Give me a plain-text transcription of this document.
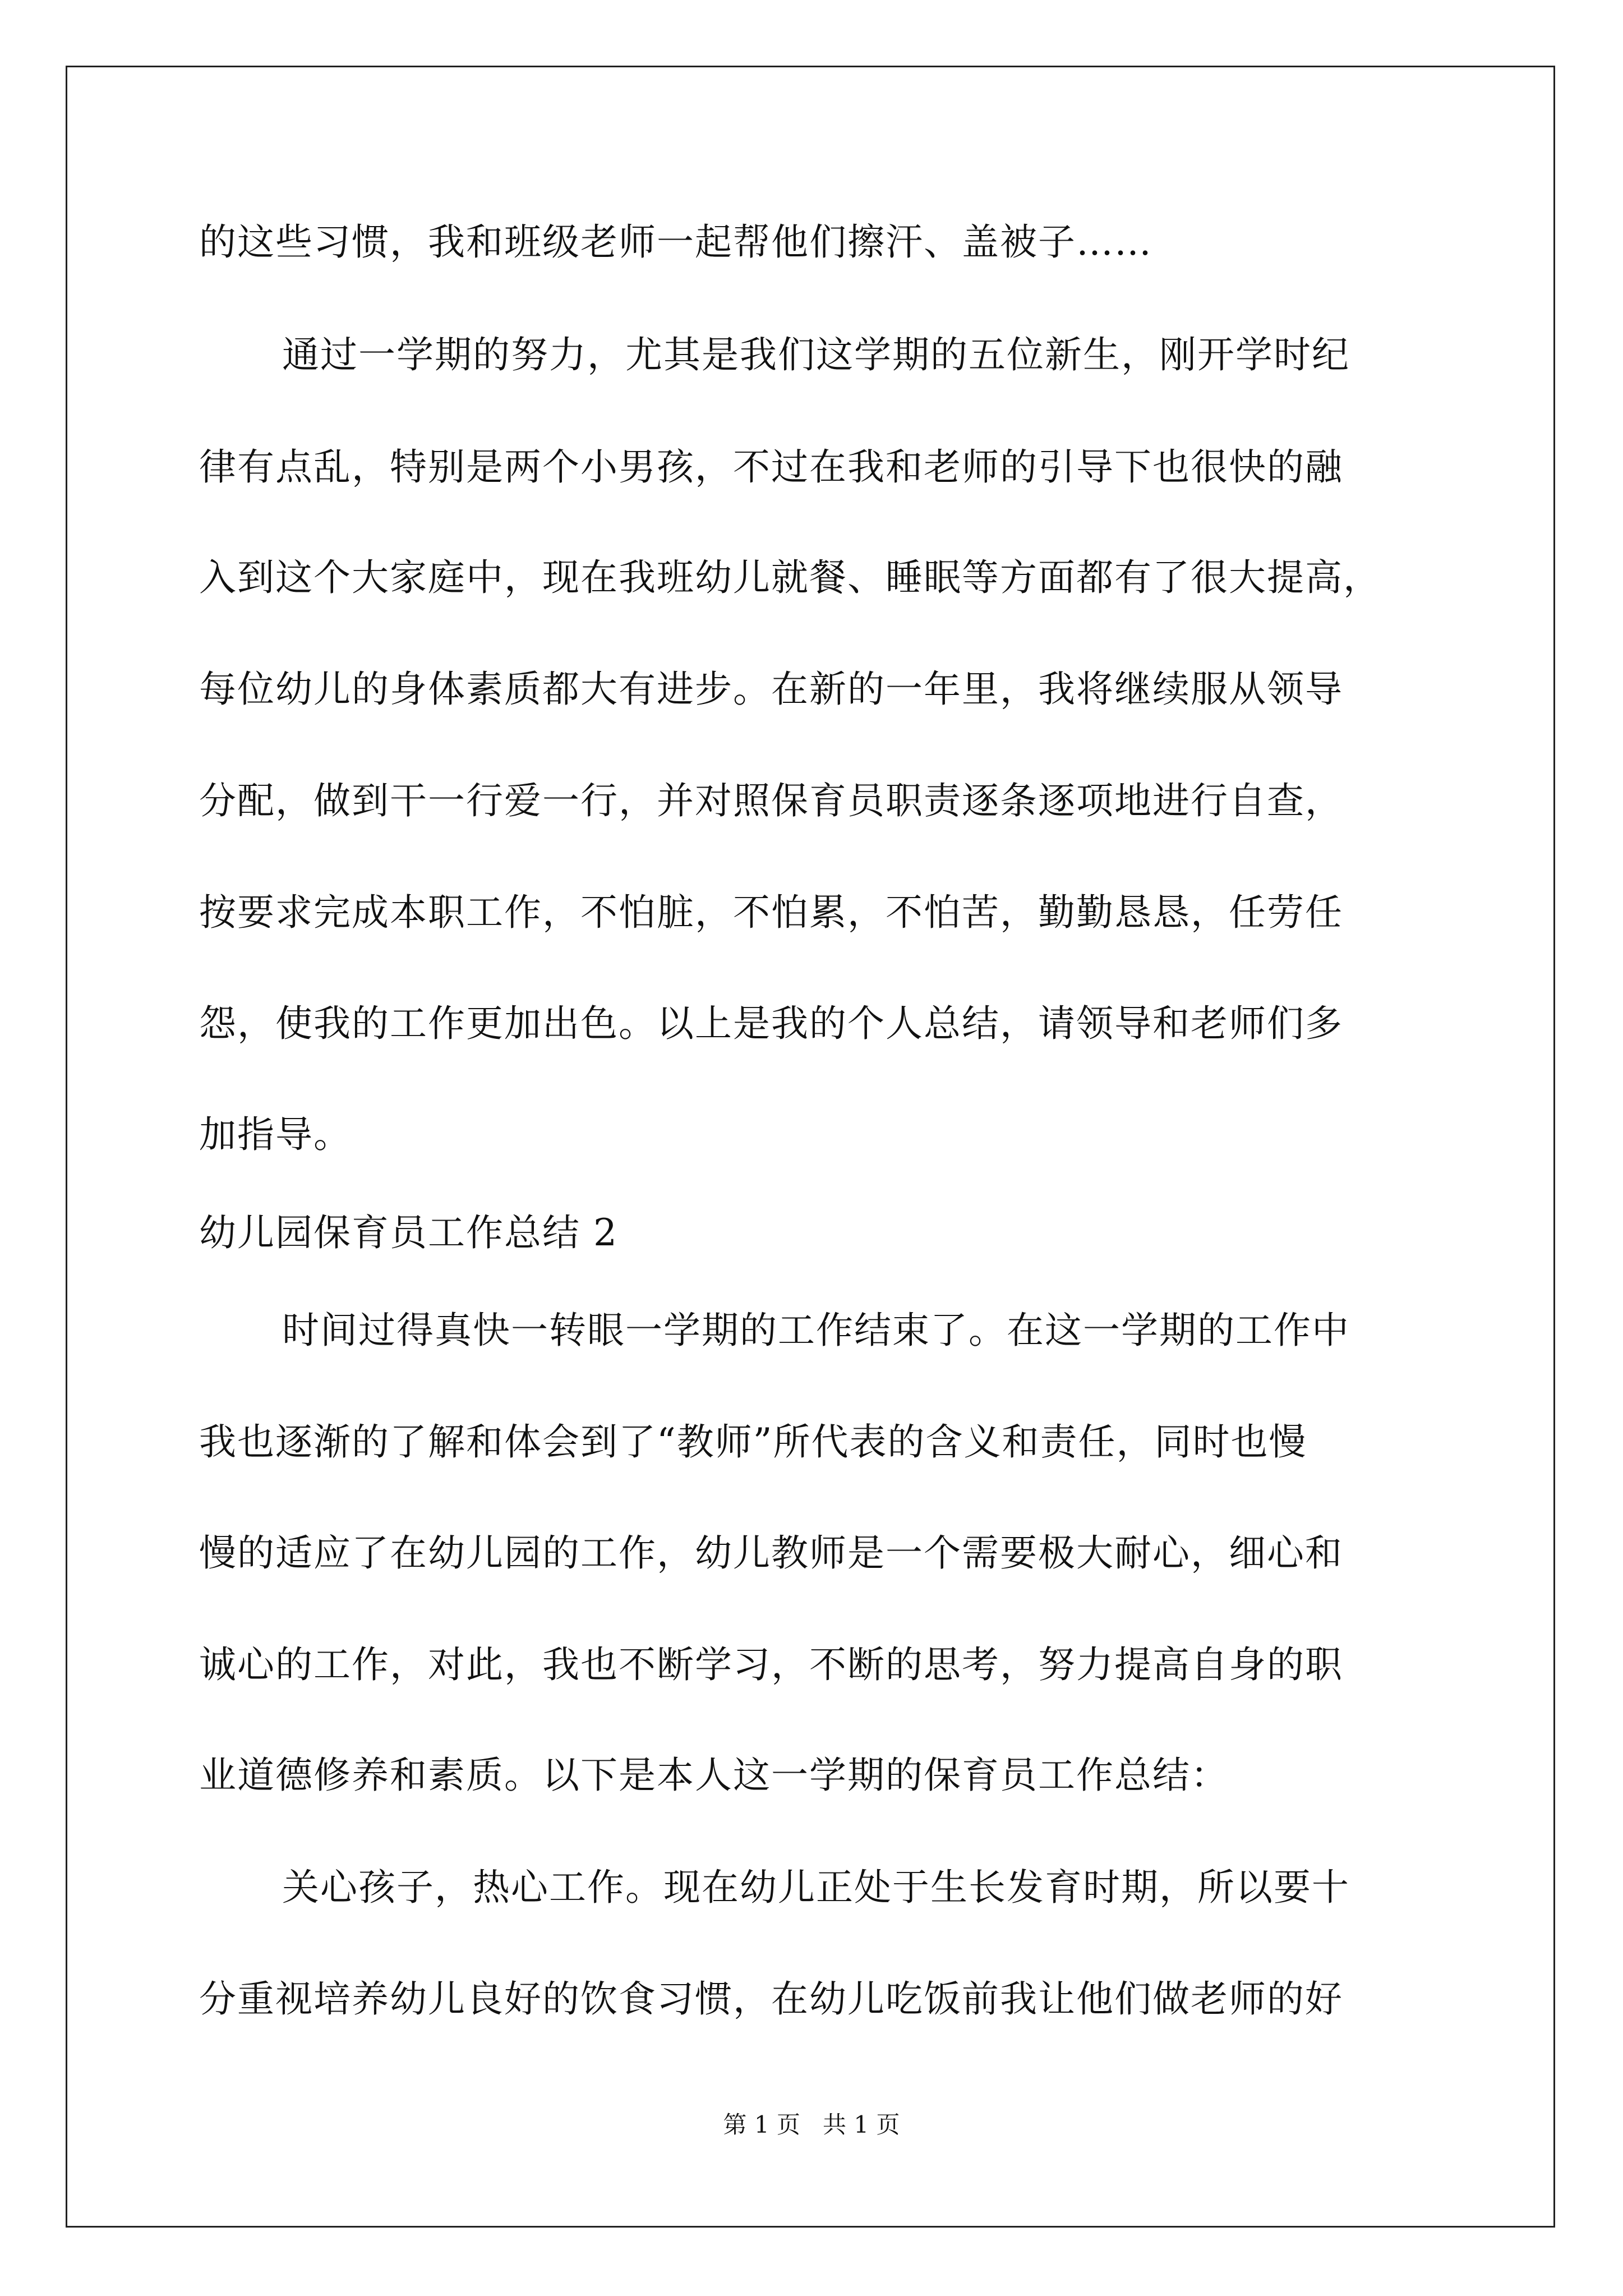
的这些习惯，我和班级老师一起帮他们擦汗、盖被子……
通过一学期的努力，尤其是我们这学期的五位新生，刚开学时纪
律有点乱，特别是两个小男孩，不过在我和老师的引导下也很快的融
入到这个大家庭中，现在我班幼儿就餐、睡眠等方面都有了很大提高，
每位幼儿的身体素质都大有进步。在新的一年里，我将继续服从领导
分配，做到干一行爱一行，并对照保育员职责逐条逐项地进行自查，
按要求完成本职工作，不怕脏，不怕累，不怕苦，勤勤恳恳，任劳任
怨，使我的工作更加出色。以上是我的个人总结，请领导和老师们多
加指导。
幼儿园保育员工作总结 2
时间过得真快一转眼一学期的工作结束了。在这一学期的工作中
我也逐渐的了解和体会到了“教师”所代表的含义和责任，同时也慢
慢的适应了在幼儿园的工作，幼儿教师是一个需要极大耐心，细心和
诚心的工作，对此，我也不断学习，不断的思考，努力提高自身的职
业道德修养和素质。以下是本人这一学期的保育员工作总结：
关心孩子，热心工作。现在幼儿正处于生长发育时期，所以要十
分重视培养幼儿良好的饮食习惯，在幼儿吃饭前我让他们做老师的好
第 1 页   共 1 页
